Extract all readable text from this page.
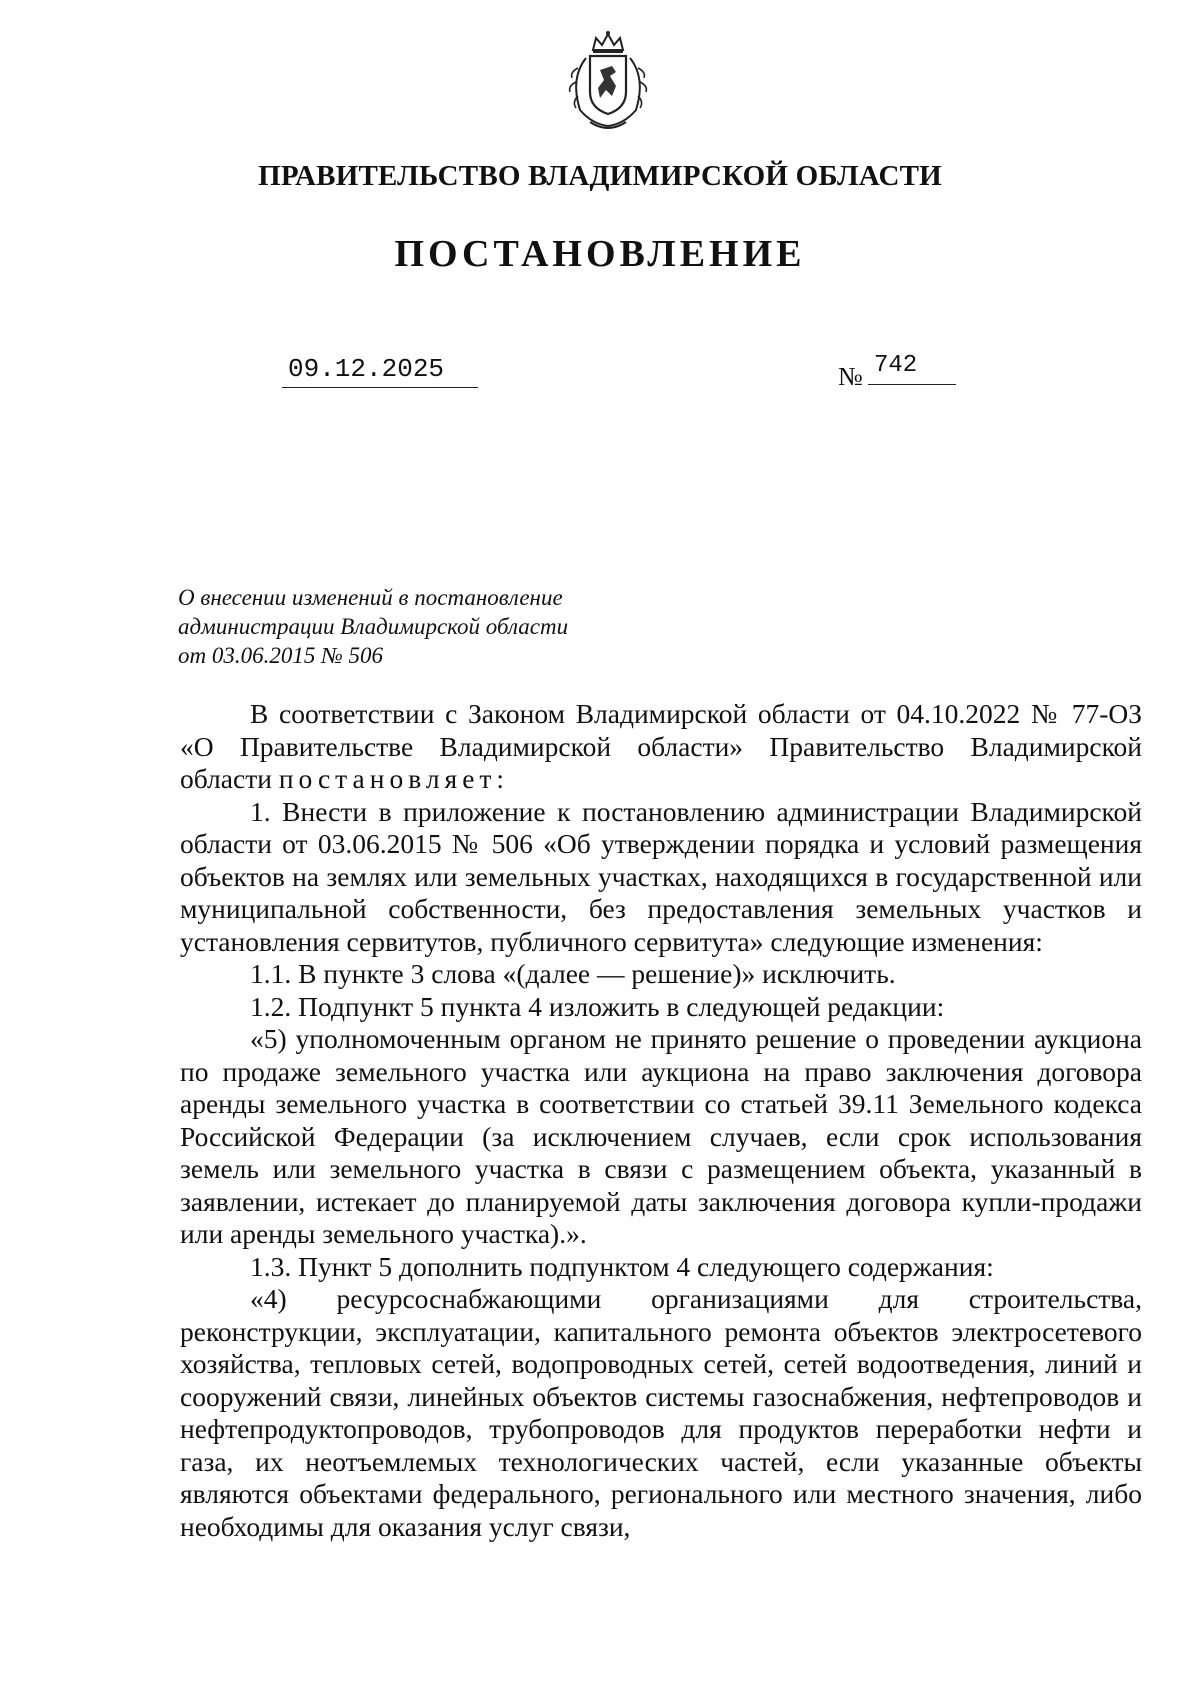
ПРАВИТЕЛЬСТВО ВЛАДИМИРСКОЙ ОБЛАСТИ
ПОСТАНОВЛЕНИЕ
09.12.2025	№ 742
О внесении изменений в постановление
администрации Владимирской области
от 03.06.2015 № 506

В соответствии с Законом Владимирской области от 04.10.2022 № 77-ОЗ «О Правительстве Владимирской области» Правительство Владимирской области постановляет:

1. Внести в приложение к постановлению администрации Владимирской области от 03.06.2015 № 506 «Об утверждении порядка и условий размещения объектов на землях или земельных участках, находящихся в государственной или муниципальной собственности, без предоставления земельных участков и установления сервитутов, публичного сервитута» следующие изменения:

1.1. В пункте 3 слова «(далее — решение)» исключить.

1.2. Подпункт 5 пункта 4 изложить в следующей редакции:

«5) уполномоченным органом не принято решение о проведении аукциона по продаже земельного участка или аукциона на право заключения договора аренды земельного участка в соответствии со статьей 39.11 Земельного кодекса Российской Федерации (за исключением случаев, если срок использования земель или земельного участка в связи с размещением объекта, указанный в заявлении, истекает до планируемой даты заключения договора купли-продажи или аренды земельного участка).».

1.3. Пункт 5 дополнить подпунктом 4 следующего содержания:

«4) ресурсоснабжающими организациями для строительства, реконструкции, эксплуатации, капитального ремонта объектов электросетевого хозяйства, тепловых сетей, водопроводных сетей, сетей водоотведения, линий и сооружений связи, линейных объектов системы газоснабжения, нефтепроводов и нефтепродуктопроводов, трубопроводов для продуктов переработки нефти и газа, их неотъемлемых технологических частей, если указанные объекты являются объектами федерального, регионального или местного значения, либо необходимы для оказания услуг связи,
